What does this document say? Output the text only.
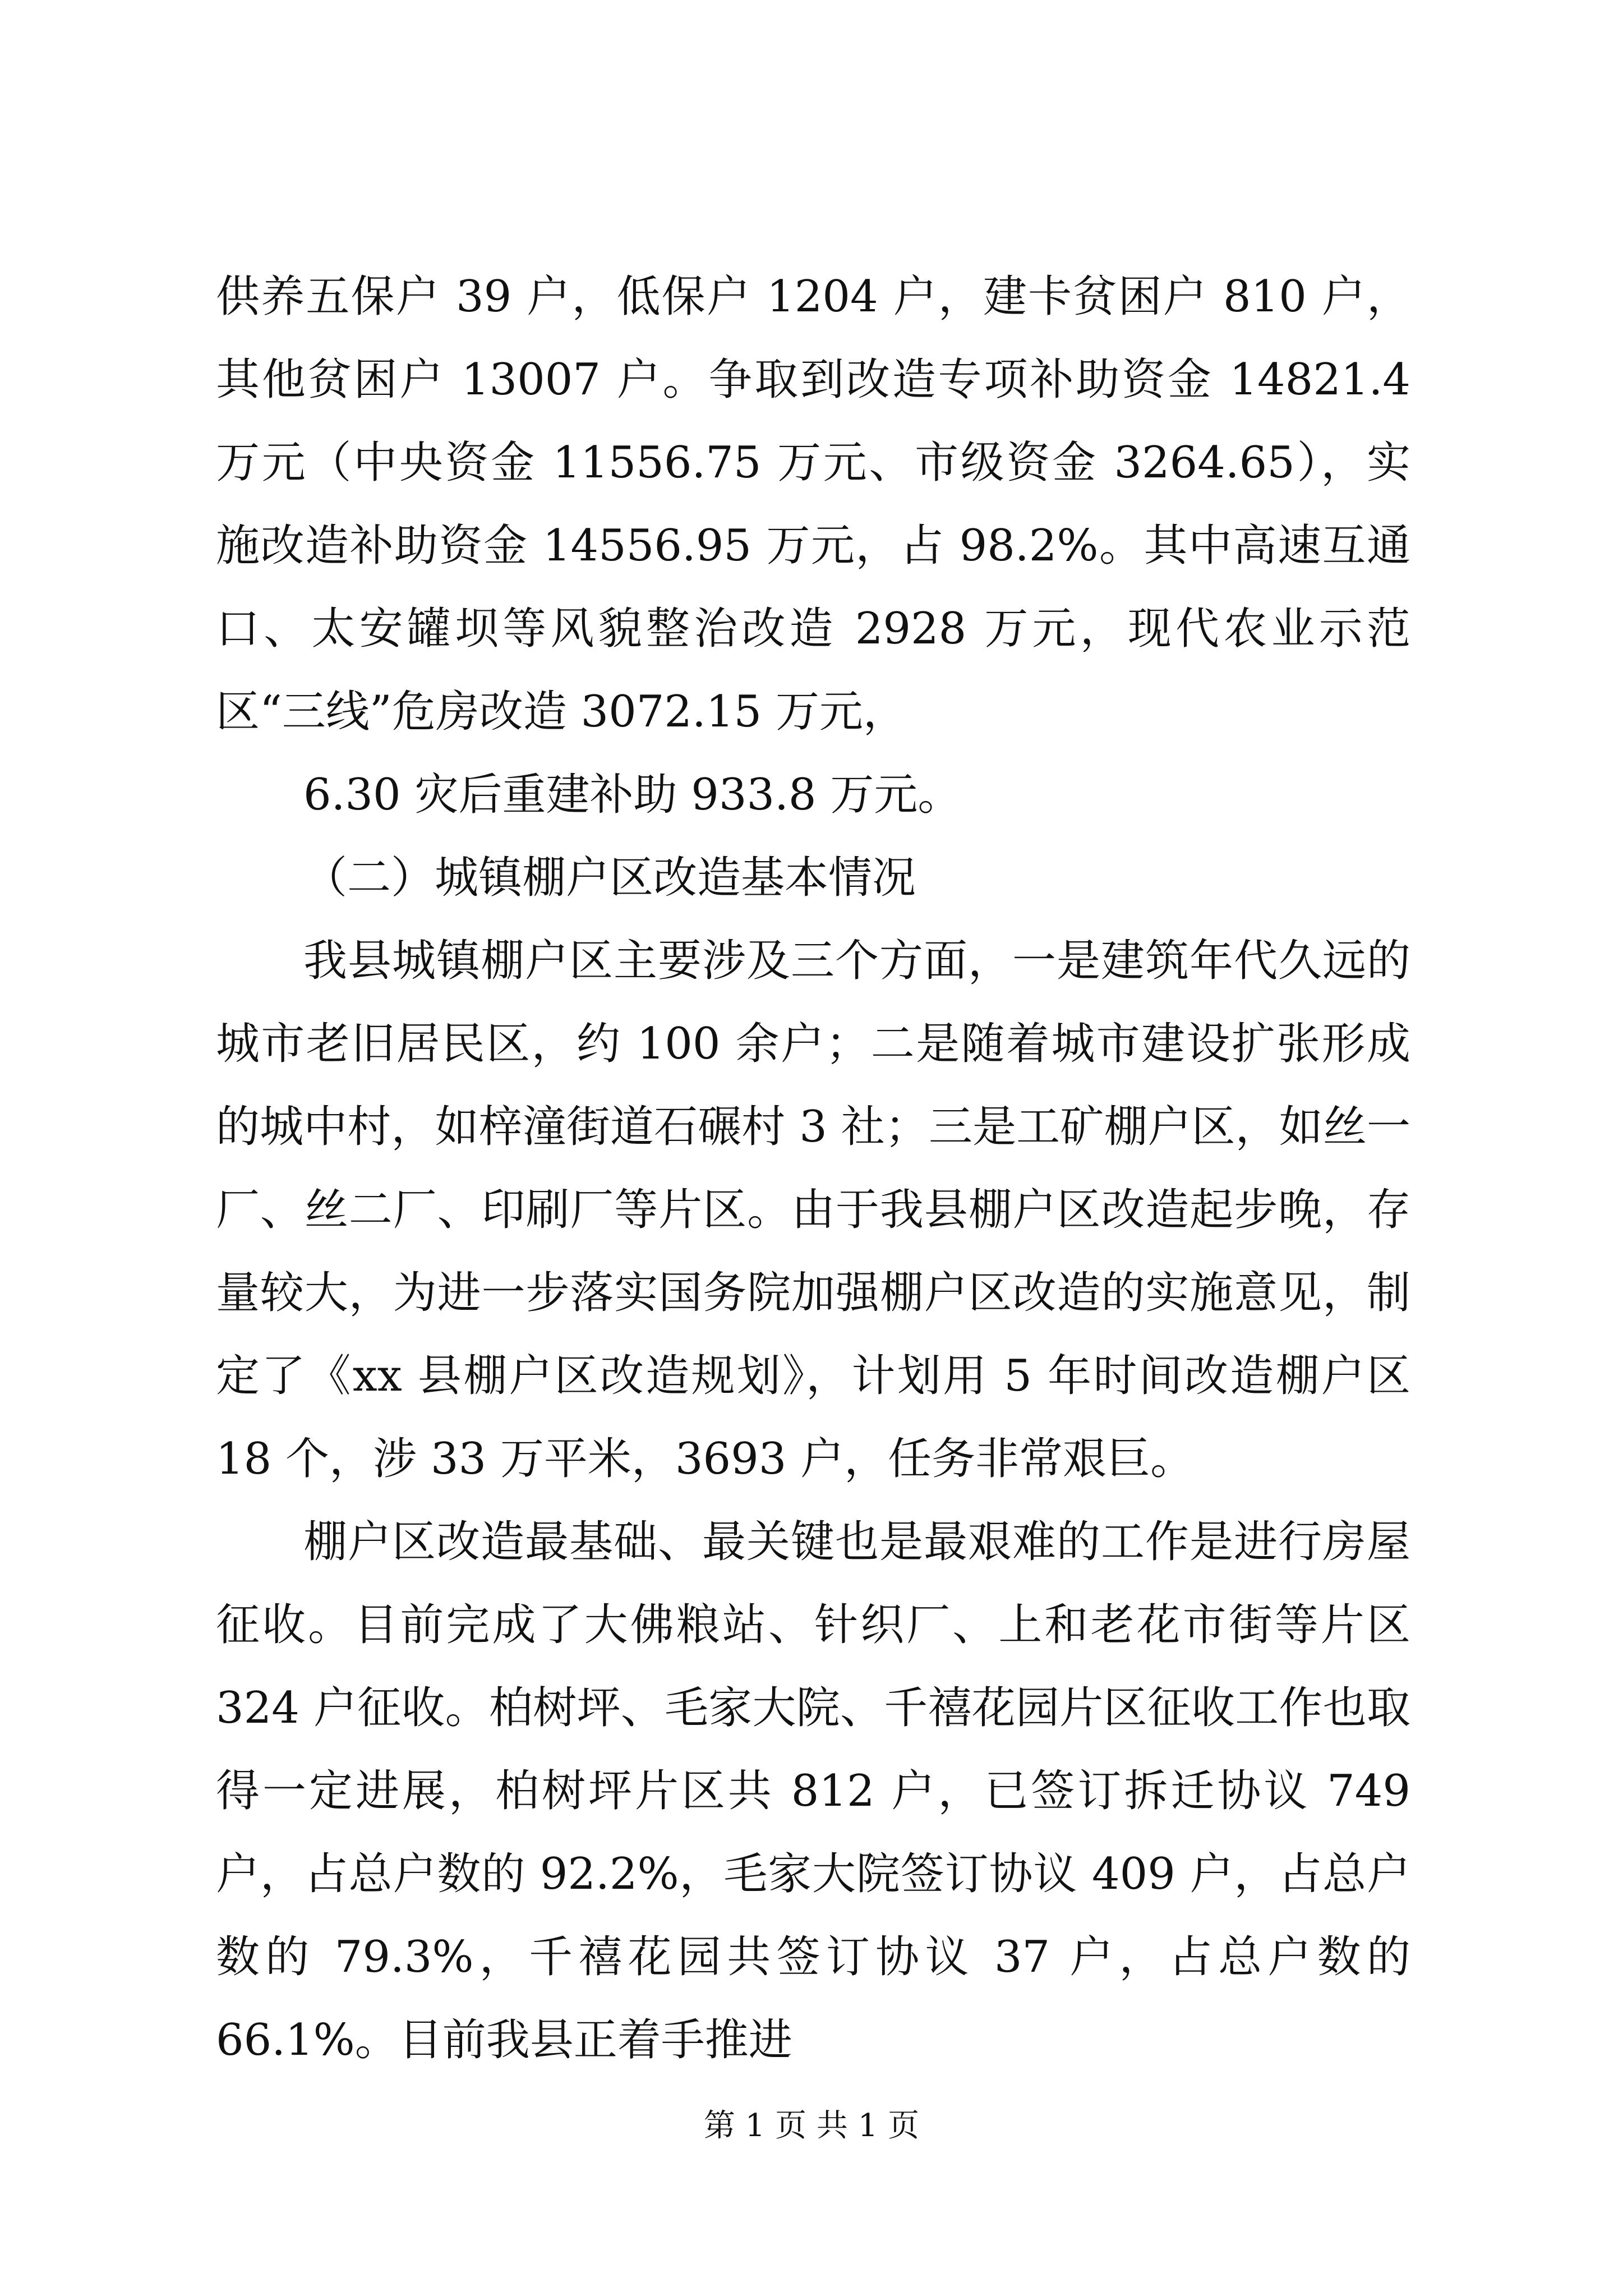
供养五保户 39 户，低保户 1204 户，建卡贫困户 810 户，其他贫困户 13007 户。争取到改造专项补助资金 14821.4 万元（中央资金 11556.75 万元、市级资金 3264.65），实施改造补助资金 14556.95 万元，占 98.2%。其中高速互通口、太安罐坝等风貌整治改造 2928 万元，现代农业示范区“三线”危房改造 3072.15 万元，

6.30 灾后重建补助 933.8 万元。

（二）城镇棚户区改造基本情况

我县城镇棚户区主要涉及三个方面，一是建筑年代久远的城市老旧居民区，约 100 余户；二是随着城市建设扩张形成的城中村，如梓潼街道石碾村 3 社；三是工矿棚户区，如丝一厂、丝二厂、印刷厂等片区。由于我县棚户区改造起步晚，存量较大，为进一步落实国务院加强棚户区改造的实施意见，制定了《xx 县棚户区改造规划》，计划用 5 年时间改造棚户区 18 个，涉 33 万平米，3693 户，任务非常艰巨。

棚户区改造最基础、最关键也是最艰难的工作是进行房屋征收。目前完成了大佛粮站、针织厂、上和老花市街等片区 324 户征收。柏树坪、毛家大院、千禧花园片区征收工作也取得一定进展，柏树坪片区共 812 户，已签订拆迁协议 749 户，占总户数的 92.2%，毛家大院签订协议 409 户，占总户数的 79.3%，千禧花园共签订协议 37 户，占总户数的 66.1%。目前我县正着手推进

第 1 页 共 1 页
